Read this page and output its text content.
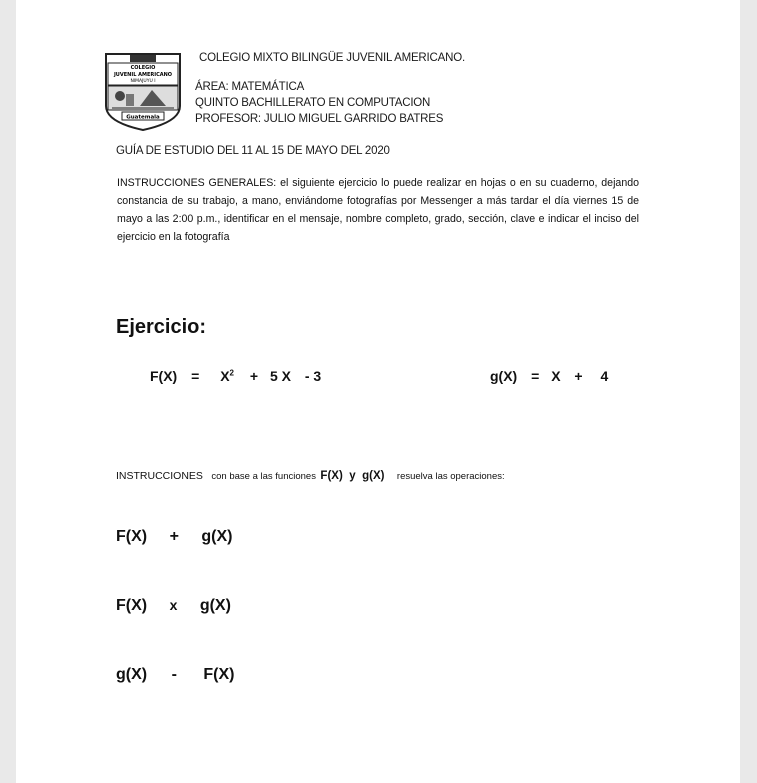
COLEGIO
JUVENIL AMERICANO
NIMAJUYU I
Guatemala
COLEGIO MIXTO BILINGÜE JUVENIL AMERICANO.
ÁREA: MATEMÁTICA
QUINTO BACHILLERATO EN COMPUTACION
PROFESOR: JULIO MIGUEL GARRIDO BATRES
GUÍA DE ESTUDIO DEL 11 AL 15 DE MAYO DEL 2020
INSTRUCCIONES GENERALES: el siguiente ejercicio lo puede realizar en hojas o en su cuaderno, dejando constancia de su trabajo, a mano, enviándome fotografías por Messenger a más tardar el día viernes 15 de mayo a las 2:00 p.m., identificar en el mensaje, nombre completo, grado, sección, clave e indicar el inciso del ejercicio en la fotografía
Ejercicio:
$F(X) = X^2 + 5$ X - 3	g(X) = X + 4
INSTRUCCIONES con base a las funciones F(X) y g(X) resuelva las operaciones:
F(X) + g(X)
F(X) x g(X)
g(X) - F(X)
